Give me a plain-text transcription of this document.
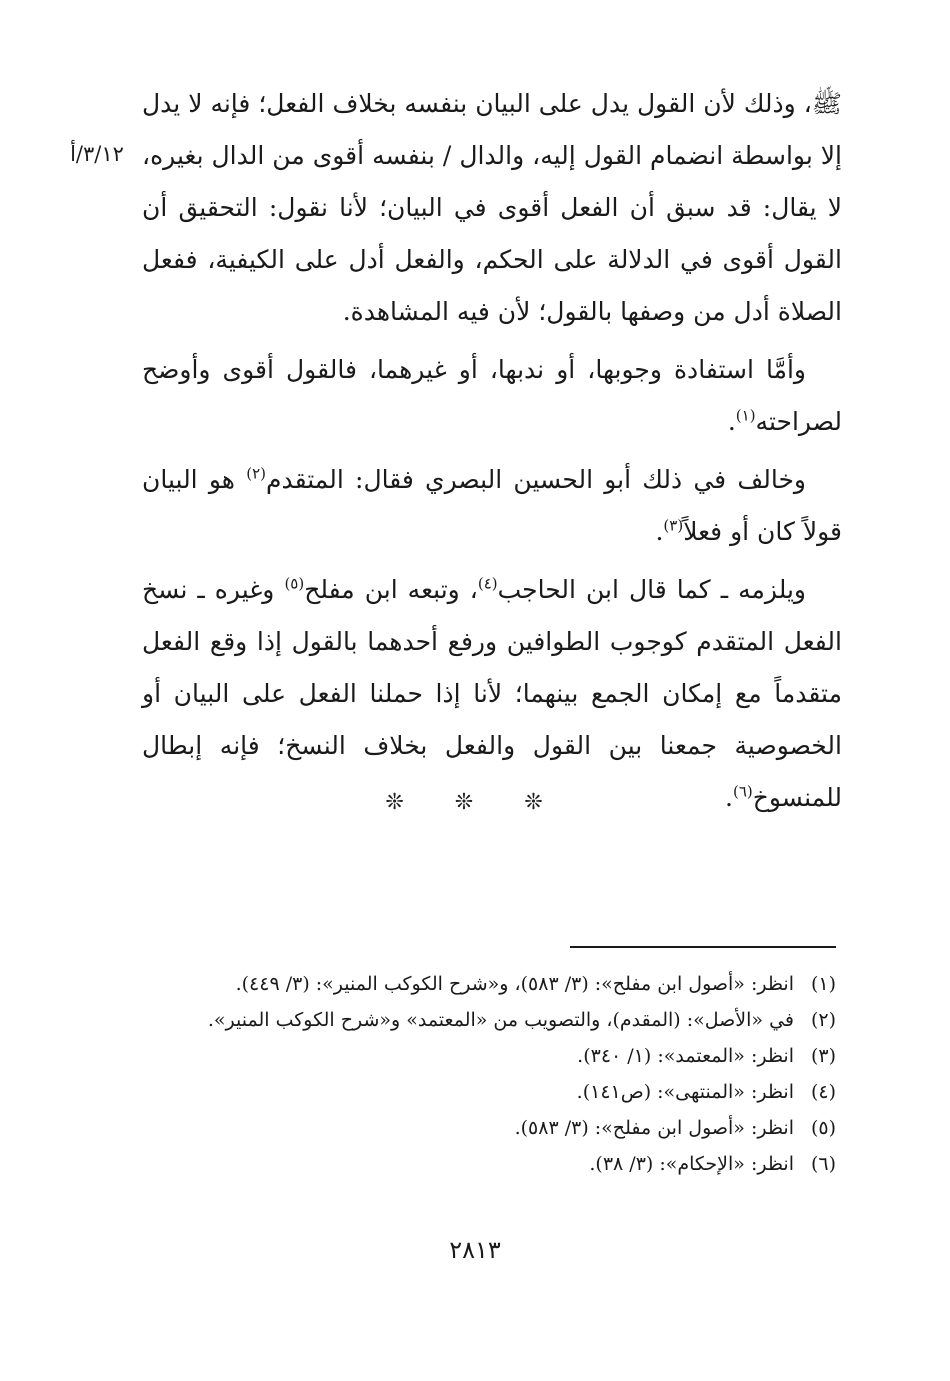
٣/١٢/أ

ﷺ، وذلك لأن القول يدل على البيان بنفسه بخلاف الفعل؛ فإنه لا يدل إلا بواسطة انضمام القول إليه، والدال / بنفسه أقوى من الدال بغيره، لا يقال: قد سبق أن الفعل أقوى في البيان؛ لأنا نقول: التحقيق أن القول أقوى في الدلالة على الحكم، والفعل أدل على الكيفية، ففعل الصلاة أدل من وصفها بالقول؛ لأن فيه المشاهدة.

وأمَّا استفادة وجوبها، أو ندبها، أو غيرهما، فالقول أقوى وأوضح لصراحته$^{(١)}$.

وخالف في ذلك أبو الحسين البصري فقال: المتقدم$^{(٢)}$ هو البيان قولاً كان أو فعلاً$^{(٣)}$.

ويلزمه ـ كما قال ابن الحاجب$^{(٤)}$، وتبعه ابن مفلح$^{(٥)}$ وغيره ـ نسخ الفعل المتقدم كوجوب الطوافين ورفع أحدهما بالقول إذا وقع الفعل متقدماً مع إمكان الجمع بينهما؛ لأنا إذا حملنا الفعل على البيان أو الخصوصية جمعنا بين القول والفعل بخلاف النسخ؛ فإنه إبطال للمنسوخ$^{(٦)}$.

❊ ❊ ❊
(١)
انظر: «أصول ابن مفلح»: (٣/ ٥٨٣)، و«شرح الكوكب المنير»: (٣/ ٤٤٩).
(٢)
في «الأصل»: (المقدم)، والتصويب من «المعتمد» و«شرح الكوكب المنير».
(٣)
انظر: «المعتمد»: (١/ ٣٤٠).
(٤)
انظر: «المنتهى»: (ص١٤١).
(٥)
انظر: «أصول ابن مفلح»: (٣/ ٥٨٣).
(٦)
انظر: «الإحكام»: (٣/ ٣٨).
٢٨١٣
